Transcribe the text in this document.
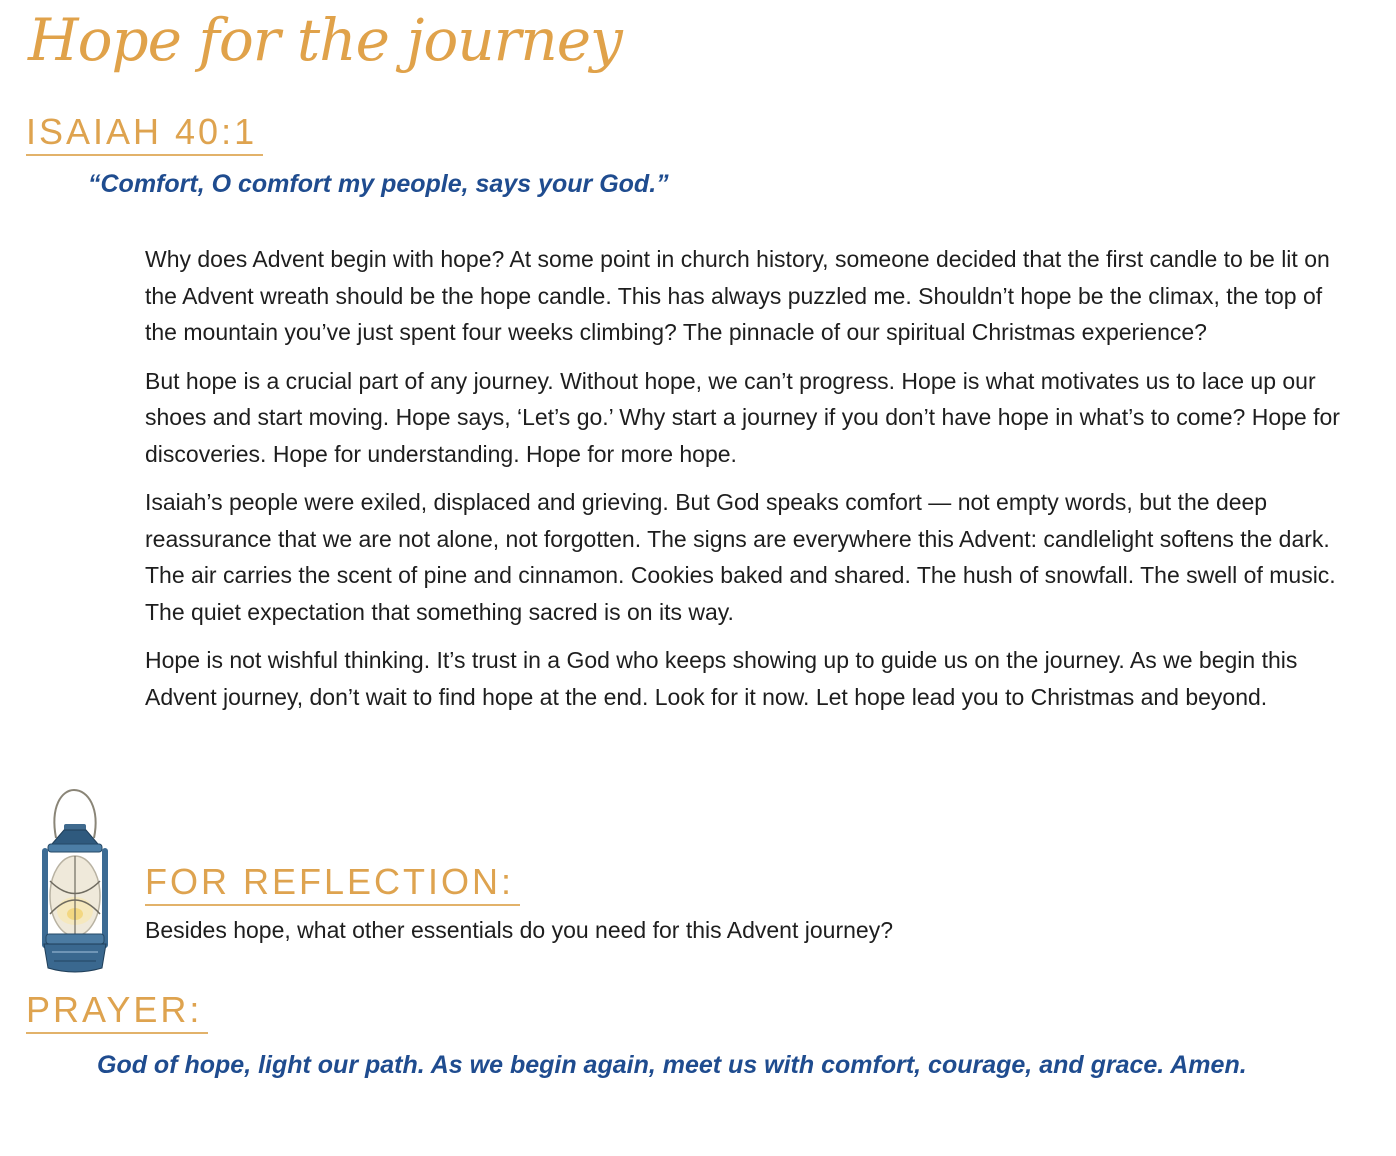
Hope for the journey
ISAIAH 40:1
“Comfort, O comfort my people, says your God.”

Why does Advent begin with hope? At some point in church history, someone decided that the first candle to be lit on the Advent wreath should be the hope candle. This has always puzzled me. Shouldn’t hope be the climax, the top of the mountain you’ve just spent four weeks climbing? The pinnacle of our spiritual Christmas experience?

But hope is a crucial part of any journey. Without hope, we can’t progress. Hope is what motivates us to lace up our shoes and start moving. Hope says, ‘Let’s go.’ Why start a journey if you don’t have hope in what’s to come? Hope for discoveries. Hope for understanding. Hope for more hope.

Isaiah’s people were exiled, displaced and grieving. But God speaks comfort — not empty words, but the deep reassurance that we are not alone, not forgotten. The signs are everywhere this Advent: candlelight softens the dark. The air carries the scent of pine and cinnamon. Cookies baked and shared. The hush of snowfall. The swell of music. The quiet expectation that something sacred is on its way.

Hope is not wishful thinking. It’s trust in a God who keeps showing up to guide us on the journey. As we begin this Advent journey, don’t wait to find hope at the end. Look for it now. Let hope lead you to Christmas and beyond.

FOR REFLECTION:
Besides hope, what other essentials do you need for this Advent journey?
PRAYER:
God of hope, light our path. As we begin again, meet us with comfort, courage, and grace. Amen.
